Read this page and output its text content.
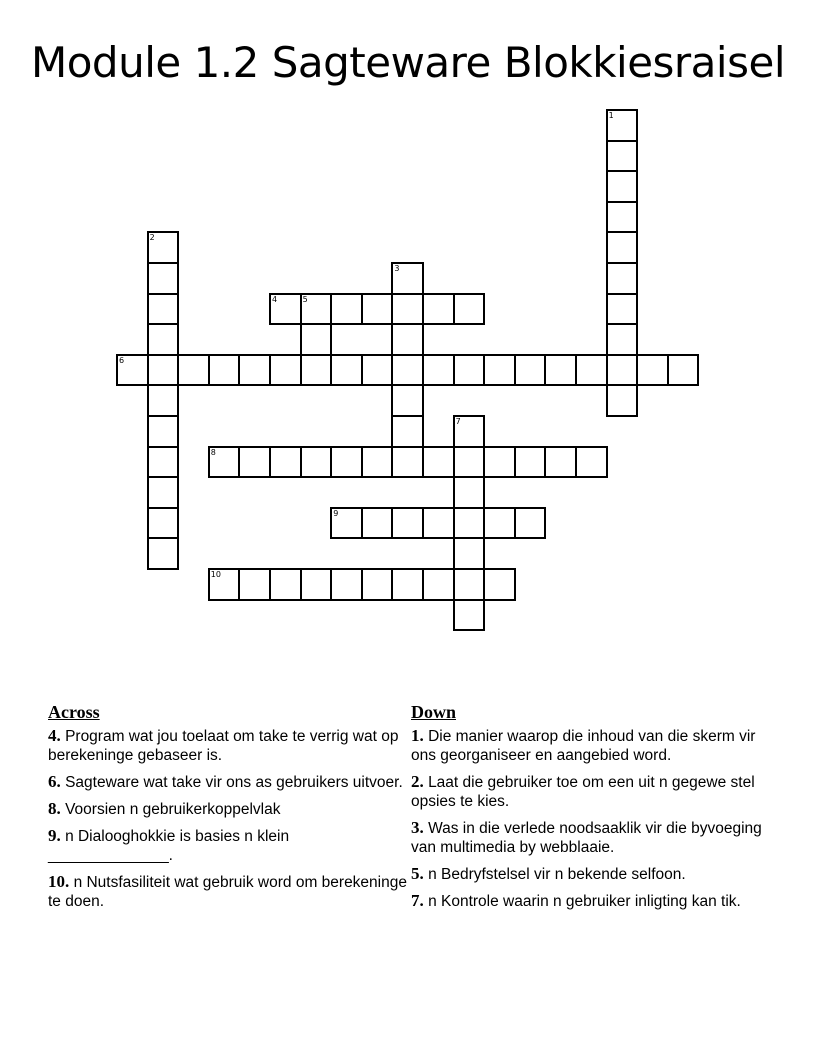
Module 1.2 Sagteware Blokkiesraisel
1
2
3
4	5
6
7
8
9
10
Across
4. Program wat jou toelaat om take te verrig wat op berekeninge gebaseer is.
6. Sagteware wat take vir ons as gebruikers uitvoer.
8. Voorsien n gebruikerkoppelvlak
9. n Dialooghokkie is basies n klein ______________.
10. n Nutsfasiliteit wat gebruik word om berekeninge te doen.
Down
1. Die manier waarop die inhoud van die skerm vir ons georganiseer en aangebied word.
2. Laat die gebruiker toe om een uit n gegewe stel opsies te kies.
3. Was in die verlede noodsaaklik vir die byvoeging van multimedia by webblaaie.
5. n Bedryfstelsel vir n bekende selfoon.
7. n Kontrole waarin n gebruiker inligting kan tik.
